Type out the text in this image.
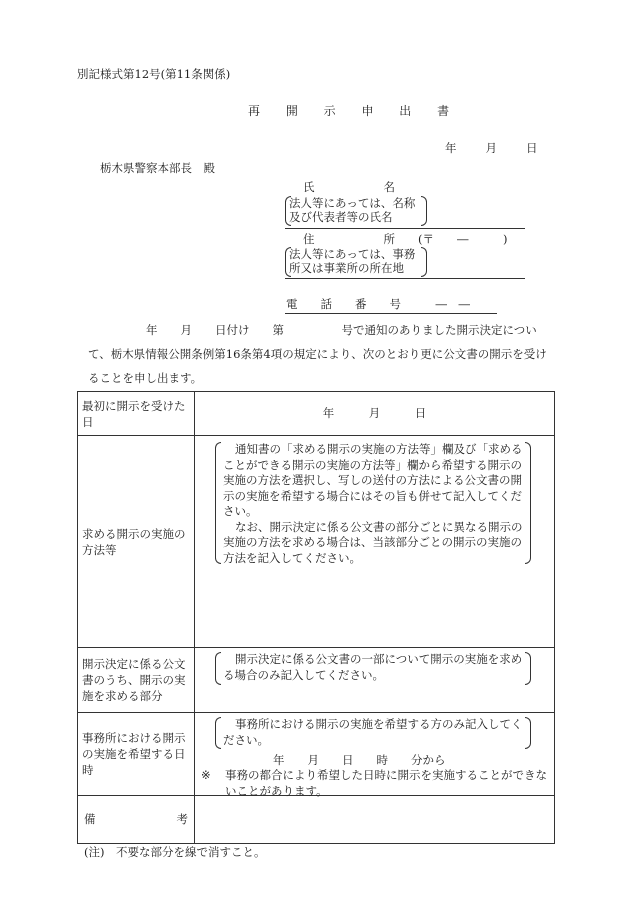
別記様式第12号(第11条関係)
再 開 示 申 出 書
年　　月　　日
栃木県警察本部長　殿
氏　　　　　　名
法人等にあっては、名称及び代表者等の氏名
住　　　　　　所　　(〒　　―　　　)
法人等にあっては、事務所又は事業所の所在地
電　　話　　番　　号　　　―　―
年　　月　　日付け　　第　　　　　号で通知のありました開示決定につい
て、栃木県情報公開条例第16条第4項の規定により、次のとおり更に公文書の開示を受け
ることを申し出ます。
最初に開示を受けた日	年　　　月　　　日
求める開示の実施の方法等	通知書の「求める開示の実施の方法等」欄及び「求めることができる開示の実施の方法等」欄から希望する開示の実施の方法を選択し、写しの送付の方法による公文書の開示の実施を希望する場合にはその旨も併せて記入してください。
なお、開示決定に係る公文書の部分ごとに異なる開示の実施の方法を求める場合は、当該部分ごとの開示の実施の方法を記入してください。

開示決定に係る公文書のうち、開示の実施を求める部分	開示決定に係る公文書の一部について開示の実施を求める場合のみ記入してください。

事務所における開示の実施を希望する日時	事務所における開示の実施を希望する方のみ記入してください。
年　　月　　日　　時　　分から
※ 事務の都合により希望した日時に開示を実施することができないことがあります。

備 考	

(注)　不要な部分を線で消すこと。
